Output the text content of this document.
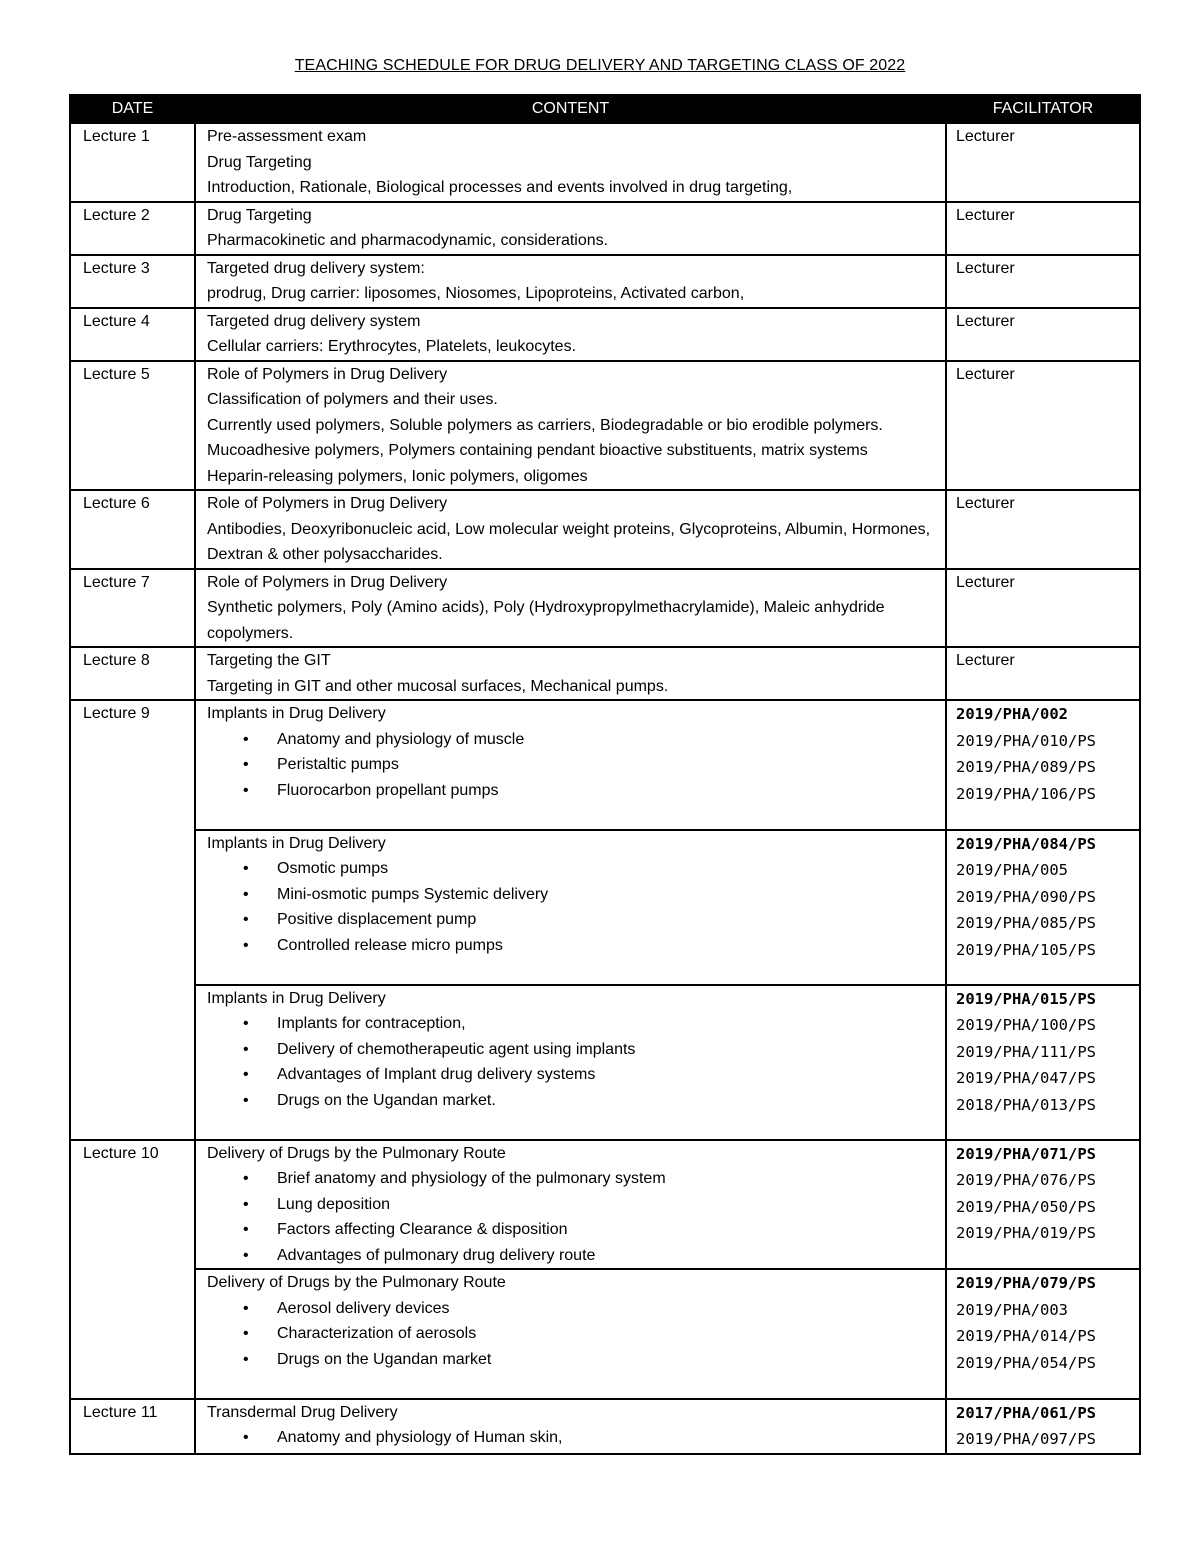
TEACHING SCHEDULE FOR DRUG DELIVERY AND TARGETING CLASS OF 2022
DATE	CONTENT	FACILITATOR
Lecture 1	Pre-assessment exam
Drug Targeting
Introduction, Rationale, Biological processes and events involved in drug targeting,	Lecturer

Lecture 2	Drug Targeting
Pharmacokinetic and pharmacodynamic, considerations.	Lecturer

Lecture 3	Targeted drug delivery system:
prodrug, Drug carrier: liposomes, Niosomes, Lipoproteins, Activated carbon,	Lecturer

Lecture 4	Targeted drug delivery system
Cellular carriers: Erythrocytes, Platelets, leukocytes.	Lecturer

Lecture 5	Role of Polymers in Drug Delivery
Classification of polymers and their uses.
Currently used polymers, Soluble polymers as carriers, Biodegradable or bio erodible polymers. Mucoadhesive polymers, Polymers containing pendant bioactive substituents, matrix systems
Heparin-releasing polymers, Ionic polymers, oligomes	Lecturer

Lecture 6	Role of Polymers in Drug Delivery
Antibodies, Deoxyribonucleic acid, Low molecular weight proteins, Glycoproteins, Albumin, Hormones, Dextran & other polysaccharides.	Lecturer

Lecture 7	Role of Polymers in Drug Delivery
Synthetic polymers, Poly (Amino acids), Poly (Hydroxypropylmethacrylamide), Maleic anhydride copolymers.	Lecturer

Lecture 8	Targeting the GIT
Targeting in GIT and other mucosal surfaces, Mechanical pumps.	Lecturer

Lecture 9	Implants in Drug Delivery
• Anatomy and physiology of muscle
• Peristaltic pumps
• Fluorocarbon propellant pumps	2019/PHA/002
2019/PHA/010/PS
2019/PHA/089/PS
2019/PHA/106/PS

	Implants in Drug Delivery
• Osmotic pumps
• Mini-osmotic pumps Systemic delivery
• Positive displacement pump
• Controlled release micro pumps	2019/PHA/084/PS
2019/PHA/005
2019/PHA/090/PS
2019/PHA/085/PS
2019/PHA/105/PS

	Implants in Drug Delivery
• Implants for contraception,
• Delivery of chemotherapeutic agent using implants
• Advantages of Implant drug delivery systems
• Drugs on the Ugandan market.	2019/PHA/015/PS
2019/PHA/100/PS
2019/PHA/111/PS
2019/PHA/047/PS
2018/PHA/013/PS

Lecture 10	Delivery of Drugs by the Pulmonary Route
• Brief anatomy and physiology of the pulmonary system
• Lung deposition
• Factors affecting Clearance & disposition
• Advantages of pulmonary drug delivery route	2019/PHA/071/PS
2019/PHA/076/PS
2019/PHA/050/PS
2019/PHA/019/PS

	Delivery of Drugs by the Pulmonary Route
• Aerosol delivery devices
• Characterization of aerosols
• Drugs on the Ugandan market	2019/PHA/079/PS
2019/PHA/003
2019/PHA/014/PS
2019/PHA/054/PS

Lecture 11	Transdermal Drug Delivery
• Anatomy and physiology of Human skin,	2017/PHA/061/PS
2019/PHA/097/PS
